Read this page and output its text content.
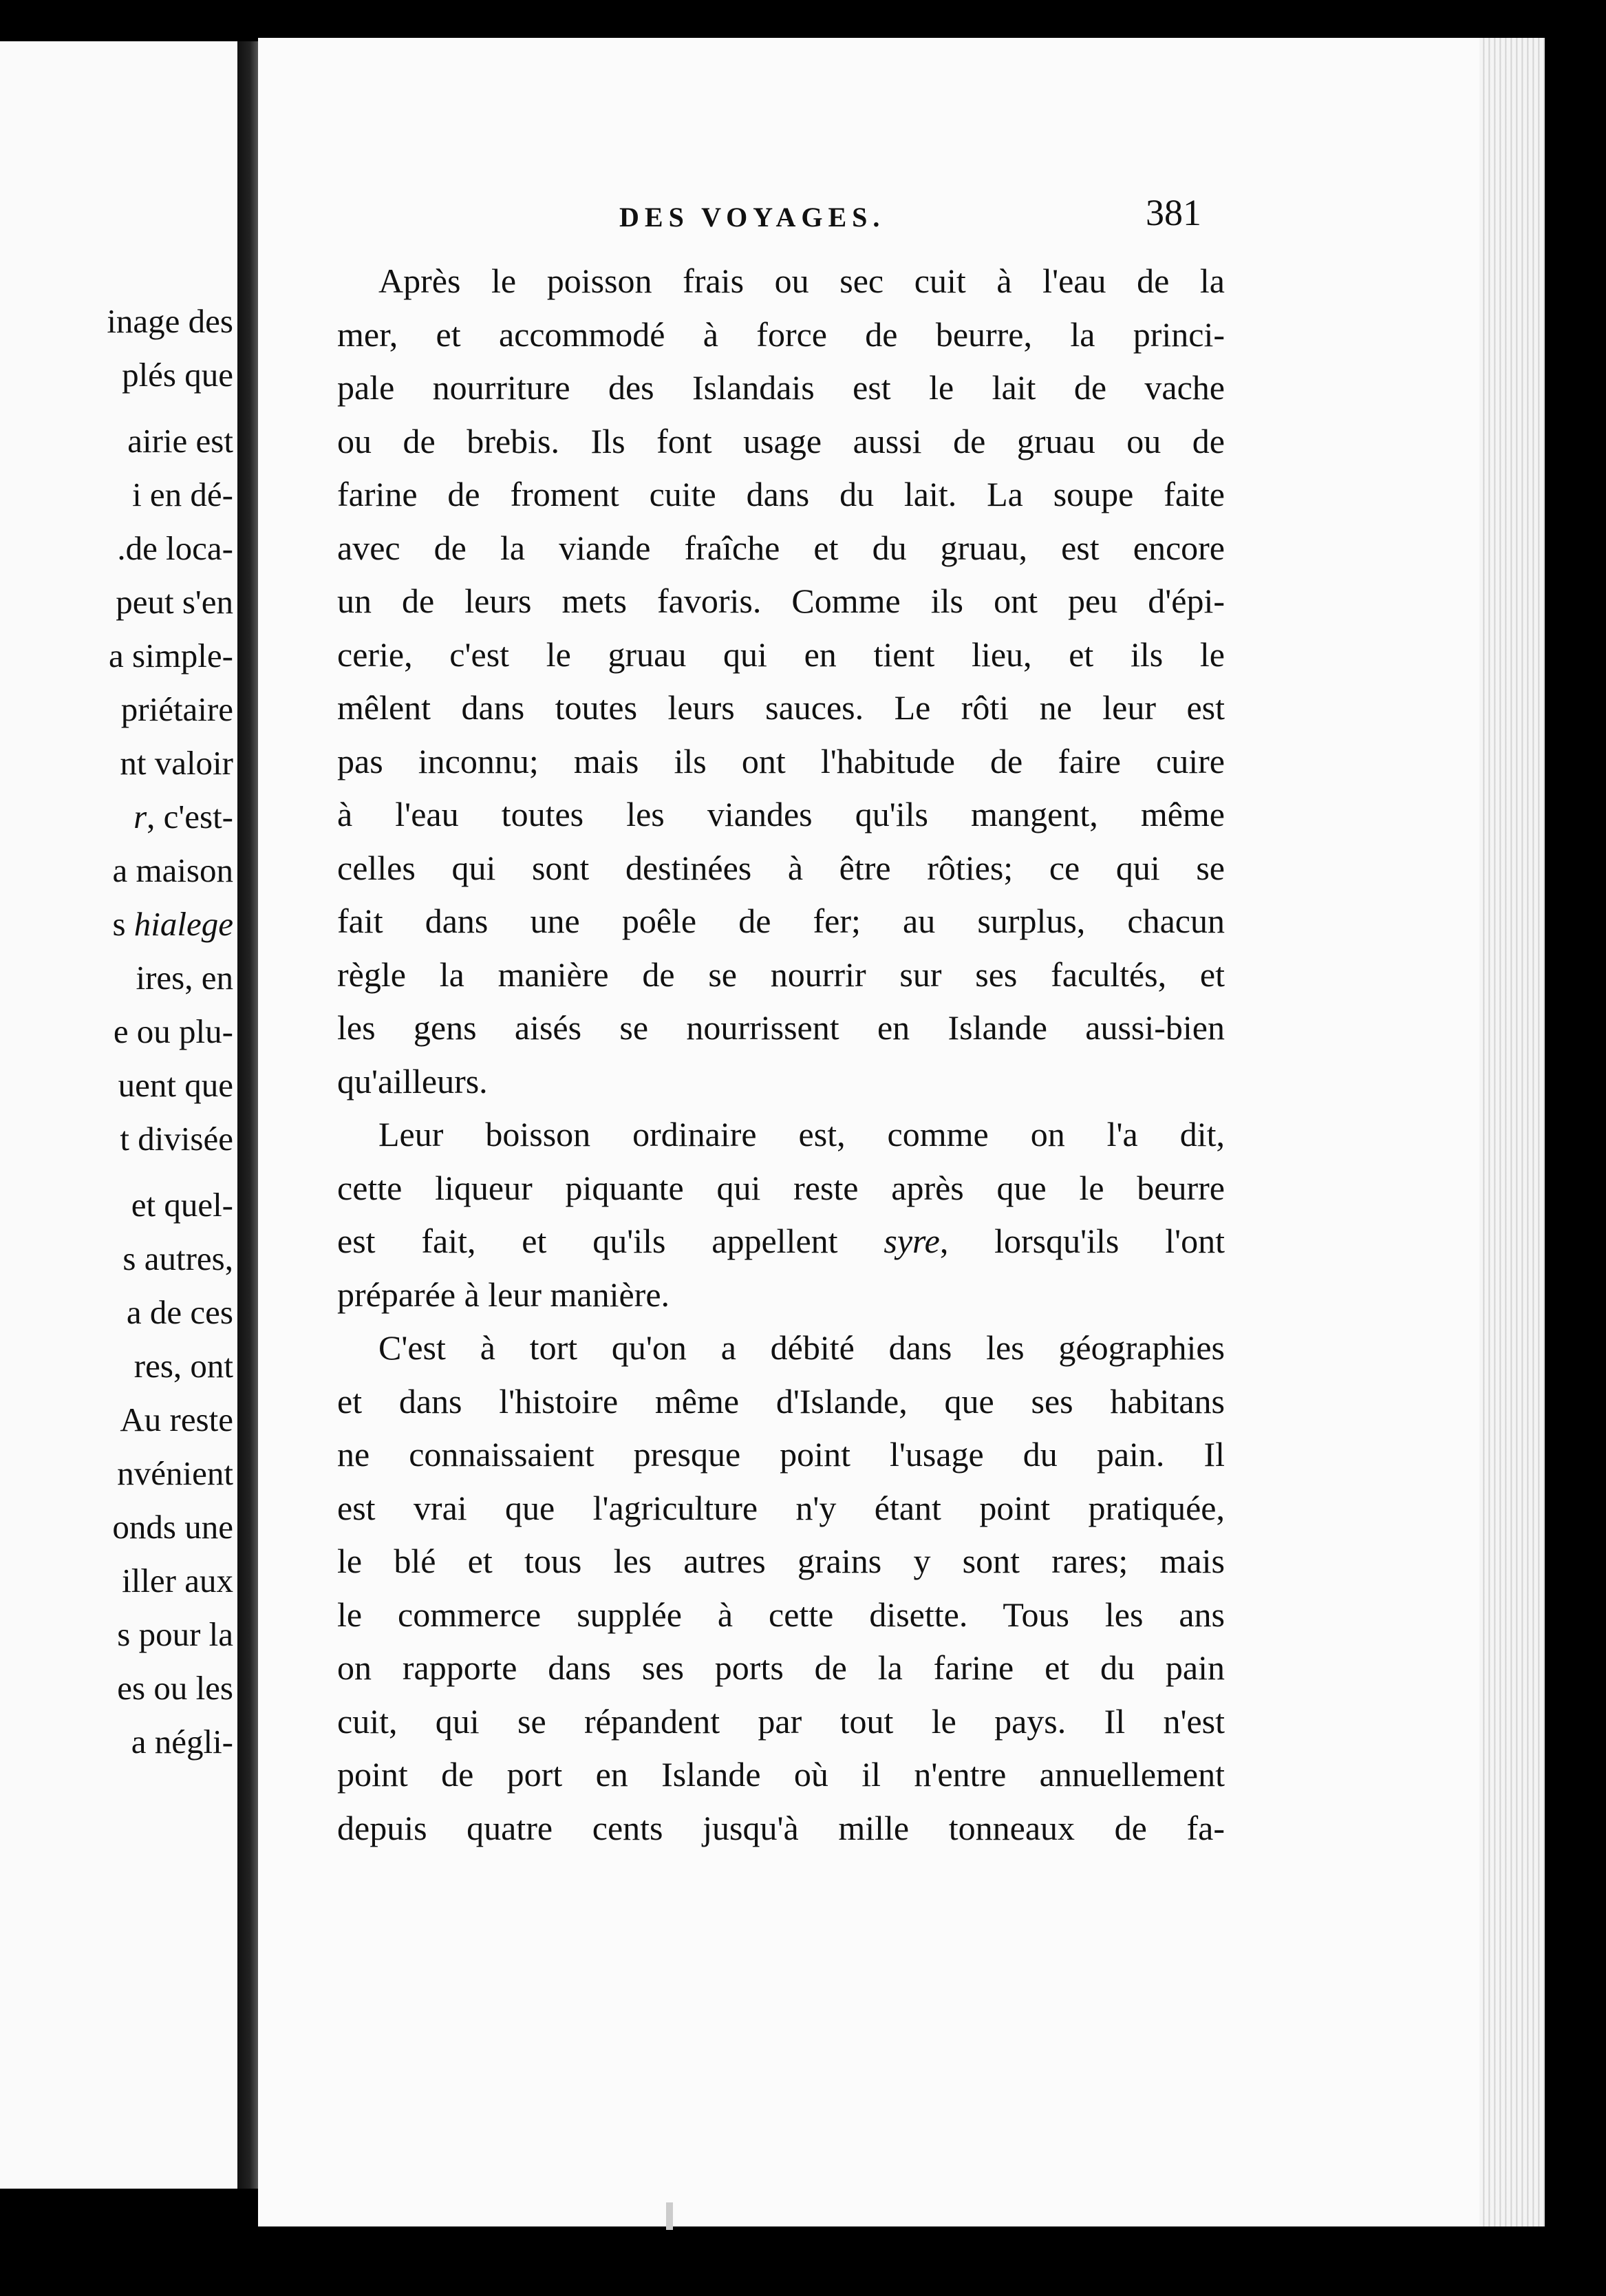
inage des
plés que
airie est
i en dé-
.de loca-
peut s'en
a simple-
priétaire
nt valoir
r, c'est-
a maison
s hialege
ires, en
e ou plu-
uent que
t divisée
et quel-
s autres,
a de ces
res, ont
Au reste
nvénient
onds une
iller aux
s pour la
es ou les
a négli-
DES VOYAGES.	381
Après le poisson frais ou sec cuit à l'eau de la
mer, et accommodé à force de beurre, la princi-
pale nourriture des Islandais est le lait de vache
ou de brebis. Ils font usage aussi de gruau ou de
farine de froment cuite dans du lait. La soupe faite
avec de la viande fraîche et du gruau, est encore
un de leurs mets favoris. Comme ils ont peu d'épi-
cerie, c'est le gruau qui en tient lieu, et ils le
mêlent dans toutes leurs sauces. Le rôti ne leur est
pas inconnu; mais ils ont l'habitude de faire cuire
à l'eau toutes les viandes qu'ils mangent, même
celles qui sont destinées à être rôties; ce qui se
fait dans une poêle de fer; au surplus, chacun
règle la manière de se nourrir sur ses facultés, et
les gens aisés se nourrissent en Islande aussi-bien
qu'ailleurs.
Leur boisson ordinaire est, comme on l'a dit,
cette liqueur piquante qui reste après que le beurre
est fait, et qu'ils appellent syre, lorsqu'ils l'ont
préparée à leur manière.
C'est à tort qu'on a débité dans les géographies
et dans l'histoire même d'Islande, que ses habitans
ne connaissaient presque point l'usage du pain. Il
est vrai que l'agriculture n'y étant point pratiquée,
le blé et tous les autres grains y sont rares; mais
le commerce supplée à cette disette. Tous les ans
on rapporte dans ses ports de la farine et du pain
cuit, qui se répandent par tout le pays. Il n'est
point de port en Islande où il n'entre annuellement
depuis quatre cents jusqu'à mille tonneaux de fa-
